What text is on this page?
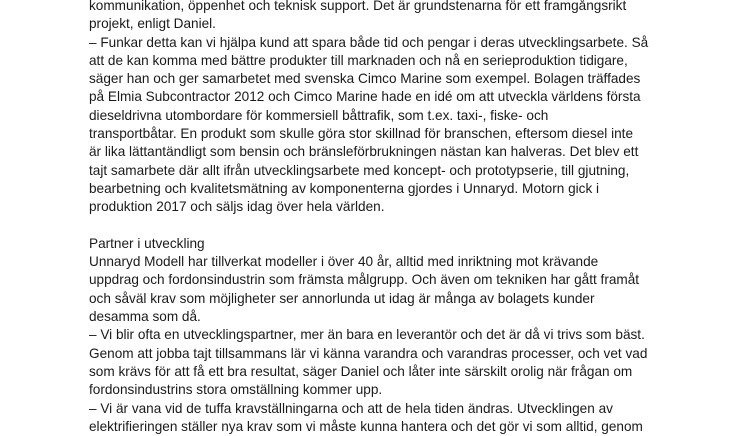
kommunikation, öppenhet och teknisk support. Det är grundstenarna för ett framgångsrikt
projekt, enligt Daniel.
– Funkar detta kan vi hjälpa kund att spara både tid och pengar i deras utvecklingsarbete. Så
att de kan komma med bättre produkter till marknaden och nå en serieproduktion tidigare,
säger han och ger samarbetet med svenska Cimco Marine som exempel. Bolagen träffades
på Elmia Subcontractor 2012 och Cimco Marine hade en idé om att utveckla världens första
dieseldrivna utombordare för kommersiell båttrafik, som t.ex. taxi-, fiske- och
transportbåtar. En produkt som skulle göra stor skillnad för branschen, eftersom diesel inte
är lika lättantändligt som bensin och bränsleförbrukningen nästan kan halveras. Det blev ett
tajt samarbete där allt ifrån utvecklingsarbete med koncept- och prototypserie, till gjutning,
bearbetning och kvalitetsmätning av komponenterna gjordes i Unnaryd. Motorn gick i
produktion 2017 och säljs idag över hela världen.
Partner i utveckling
Unnaryd Modell har tillverkat modeller i över 40 år, alltid med inriktning mot krävande
uppdrag och fordonsindustrin som främsta målgrupp. Och även om tekniken har gått framåt
och såväl krav som möjligheter ser annorlunda ut idag är många av bolagets kunder
desamma som då.
– Vi blir ofta en utvecklingspartner, mer än bara en leverantör och det är då vi trivs som bäst.
Genom att jobba tajt tillsammans lär vi känna varandra och varandras processer, och vet vad
som krävs för att få ett bra resultat, säger Daniel och låter inte särskilt orolig när frågan om
fordonsindustrins stora omställning kommer upp.
– Vi är vana vid de tuffa kravställningarna och att de hela tiden ändras. Utvecklingen av
elektrifieringen ställer nya krav som vi måste kunna hantera och det gör vi som alltid, genom
